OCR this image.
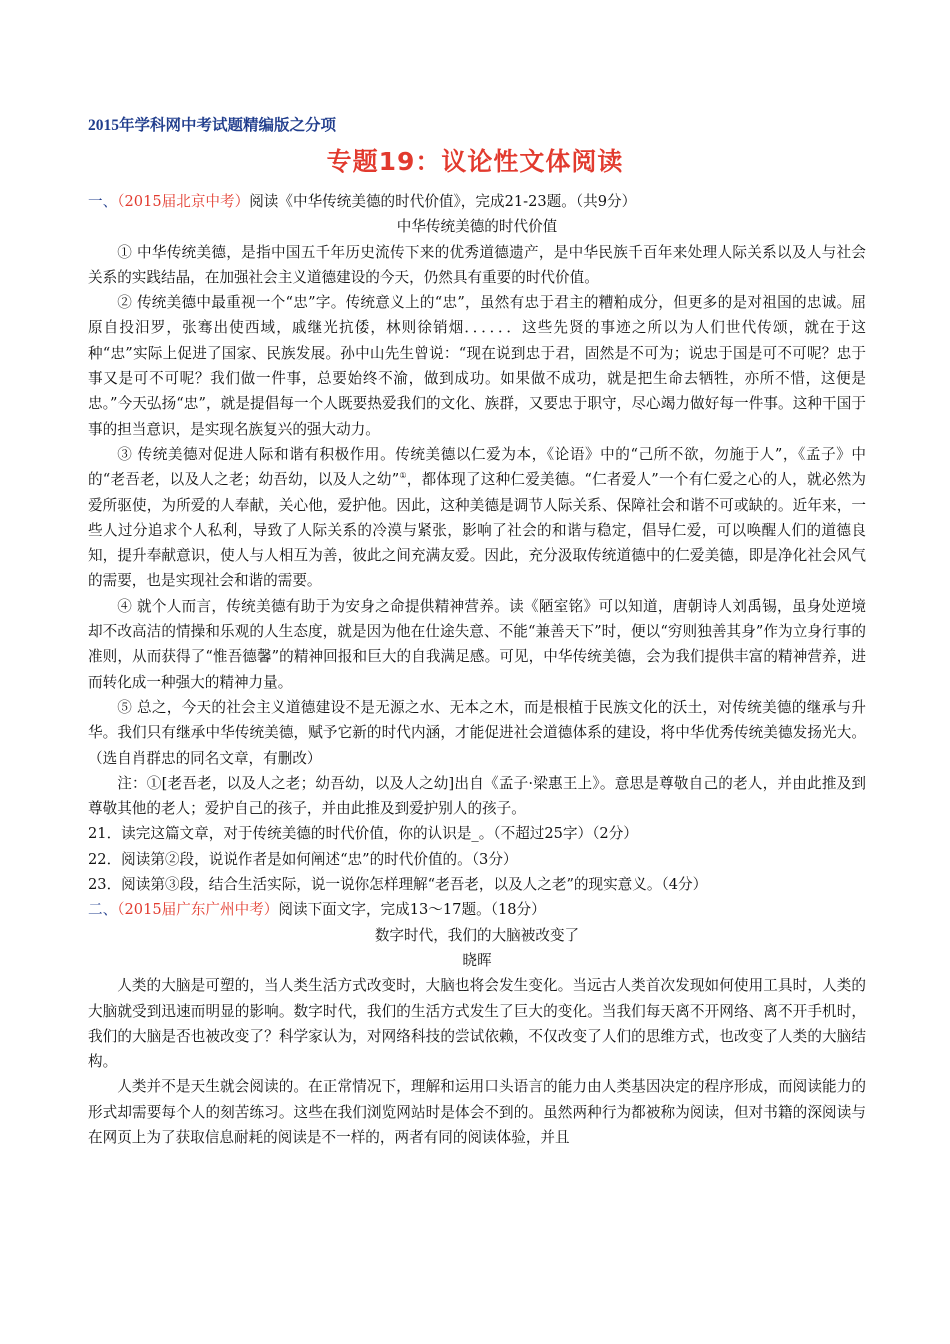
2015年学科网中考试题精编版之分项
专题19：议论性文体阅读

一、（2015届北京中考）阅读《中华传统美德的时代价值》，完成21-23题。（共9分）

中华传统美德的时代价值

① 中华传统美德，是指中国五千年历史流传下来的优秀道德遗产，是中华民族千百年来处理人际关系以及人与社会关系的实践结晶，在加强社会主义道德建设的今天，仍然具有重要的时代价值。

② 传统美德中最重视一个“忠”字。传统意义上的“忠”，虽然有忠于君主的糟粕成分，但更多的是对祖国的忠诚。屈原自投汨罗，张骞出使西域，戚继光抗倭，林则徐销烟．．．．．．这些先贤的事迹之所以为人们世代传颂，就在于这种“忠”实际上促进了国家、民族发展。孙中山先生曾说：“现在说到忠于君，固然是不可为；说忠于国是可不可呢？忠于事又是可不可呢？我们做一件事，总要始终不渝，做到成功。如果做不成功，就是把生命去牺牲，亦所不惜，这便是忠。”今天弘扬“忠”，就是提倡每一个人既要热爱我们的文化、族群，又要忠于职守，尽心竭力做好每一件事。这种干国于事的担当意识，是实现名族复兴的强大动力。

③ 传统美德对促进人际和谐有积极作用。传统美德以仁爱为本，《论语》中的“己所不欲，勿施于人”，《孟子》中的“老吾老，以及人之老；幼吾幼，以及人之幼”①，都体现了这种仁爱美德。“仁者爱人”一个有仁爱之心的人，就必然为爱所驱使，为所爱的人奉献，关心他，爱护他。因此，这种美德是调节人际关系、保障社会和谐不可或缺的。近年来，一些人过分追求个人私利，导致了人际关系的冷漠与紧张，影响了社会的和谐与稳定，倡导仁爱，可以唤醒人们的道德良知，提升奉献意识，使人与人相互为善，彼此之间充满友爱。因此，充分汲取传统道德中的仁爱美德，即是净化社会风气的需要，也是实现社会和谐的需要。

④ 就个人而言，传统美德有助于为安身之命提供精神营养。读《陋室铭》可以知道，唐朝诗人刘禹锡，虽身处逆境却不改高洁的情操和乐观的人生态度，就是因为他在仕途失意、不能“兼善天下”时，便以“穷则独善其身”作为立身行事的准则，从而获得了“惟吾德馨”的精神回报和巨大的自我满足感。可见，中华传统美德，会为我们提供丰富的精神营养，进而转化成一种强大的精神力量。

⑤ 总之，今天的社会主义道德建设不是无源之水、无本之木，而是根植于民族文化的沃土，对传统美德的继承与升华。我们只有继承中华传统美德，赋予它新的时代内涵，才能促进社会道德体系的建设，将中华优秀传统美德发扬光大。（选自肖群忠的同名文章，有删改）

注：①[老吾老，以及人之老；幼吾幼，以及人之幼]出自《孟子·梁惠王上》。意思是尊敬自己的老人，并由此推及到尊敬其他的老人；爱护自己的孩子，并由此推及到爱护别人的孩子。

21．读完这篇文章，对于传统美德的时代价值，你的认识是_。（不超过25字）（2分）

22．阅读第②段，说说作者是如何阐述“忠”的时代价值的。（3分）

23．阅读第③段，结合生活实际，说一说你怎样理解“老吾老，以及人之老”的现实意义。（4分）

二、（2015届广东广州中考）阅读下面文字，完成13～17题。（18分）

数字时代，我们的大脑被改变了

晓晖

人类的大脑是可塑的，当人类生活方式改变时，大脑也将会发生变化。当远古人类首次发现如何使用工具时，人类的大脑就受到迅速而明显的影响。数字时代，我们的生活方式发生了巨大的变化。当我们每天离不开网络、离不开手机时，我们的大脑是否也被改变了？科学家认为，对网络科技的尝试依赖，不仅改变了人们的思维方式，也改变了人类的大脑结构。

人类并不是天生就会阅读的。在正常情况下，理解和运用口头语言的能力由人类基因决定的程序形成，而阅读能力的形式却需要每个人的刻苦练习。这些在我们浏览网站时是体会不到的。虽然两种行为都被称为阅读，但对书籍的深阅读与在网页上为了获取信息耐耗的阅读是不一样的，两者有同的阅读体验，并且
